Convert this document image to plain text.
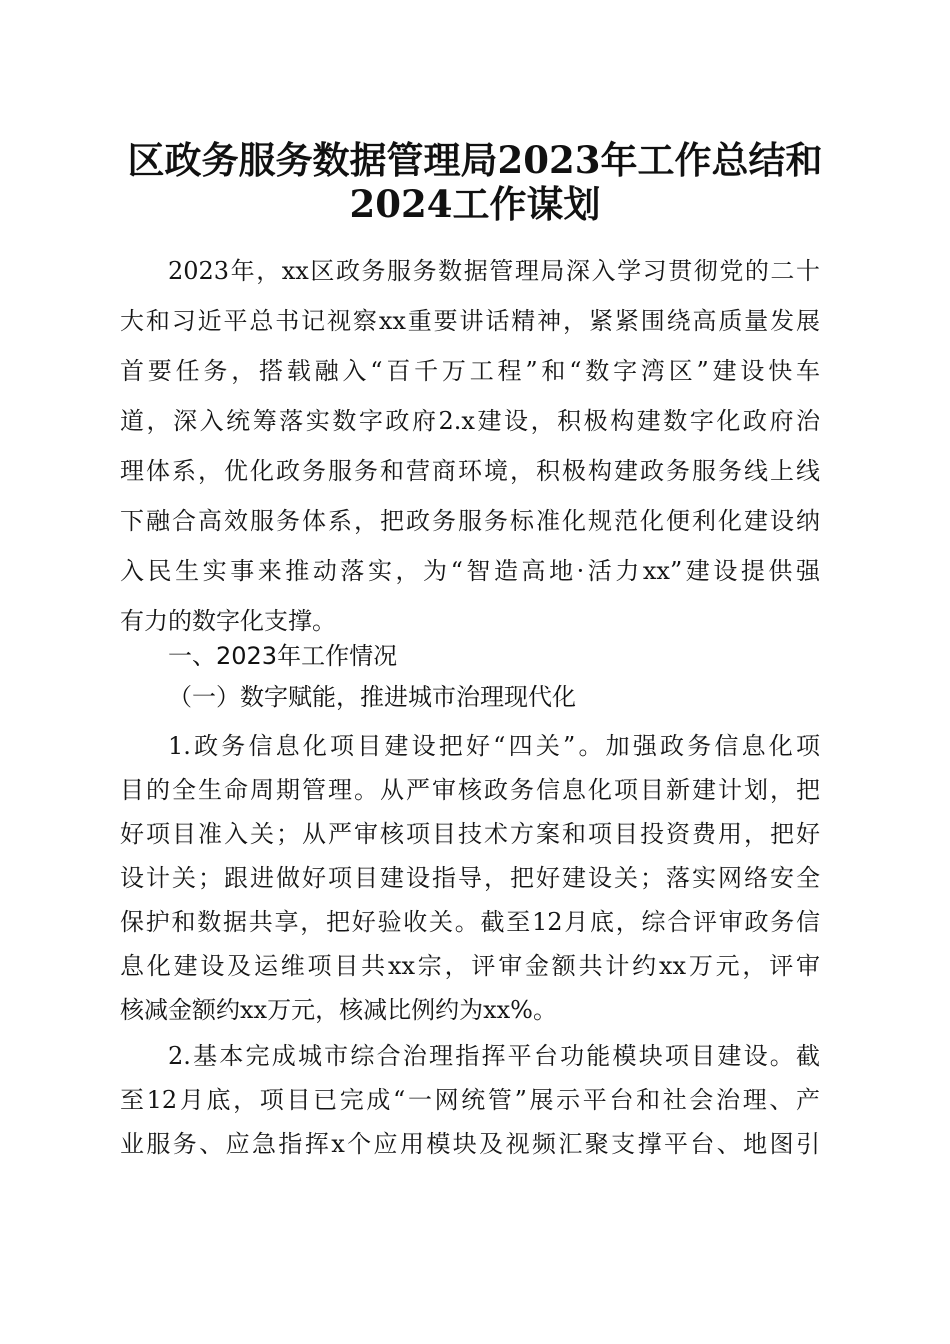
区政务服务数据管理局2023年工作总结和
2024工作谋划
2023年，xx区政务服务数据管理局深入学习贯彻党的二十
大和习近平总书记视察xx重要讲话精神，紧紧围绕高质量发展
首要任务，搭载融入“百千万工程”和“数字湾区”建设快车
道，深入统筹落实数字政府2.x建设，积极构建数字化政府治
理体系，优化政务服务和营商环境，积极构建政务服务线上线
下融合高效服务体系，把政务服务标准化规范化便利化建设纳
入民生实事来推动落实，为“智造高地·活力xx”建设提供强
有力的数字化支撑。
一、2023年工作情况
（一）数字赋能，推进城市治理现代化
1.政务信息化项目建设把好“四关”。加强政务信息化项
目的全生命周期管理。从严审核政务信息化项目新建计划，把
好项目准入关；从严审核项目技术方案和项目投资费用，把好
设计关；跟进做好项目建设指导，把好建设关；落实网络安全
保护和数据共享，把好验收关。截至12月底，综合评审政务信
息化建设及运维项目共xx宗，评审金额共计约xx万元，评审
核减金额约xx万元，核减比例约为xx%。
2.基本完成城市综合治理指挥平台功能模块项目建设。截
至12月底，项目已完成“一网统管”展示平台和社会治理、产
业服务、应急指挥x个应用模块及视频汇聚支撑平台、地图引
